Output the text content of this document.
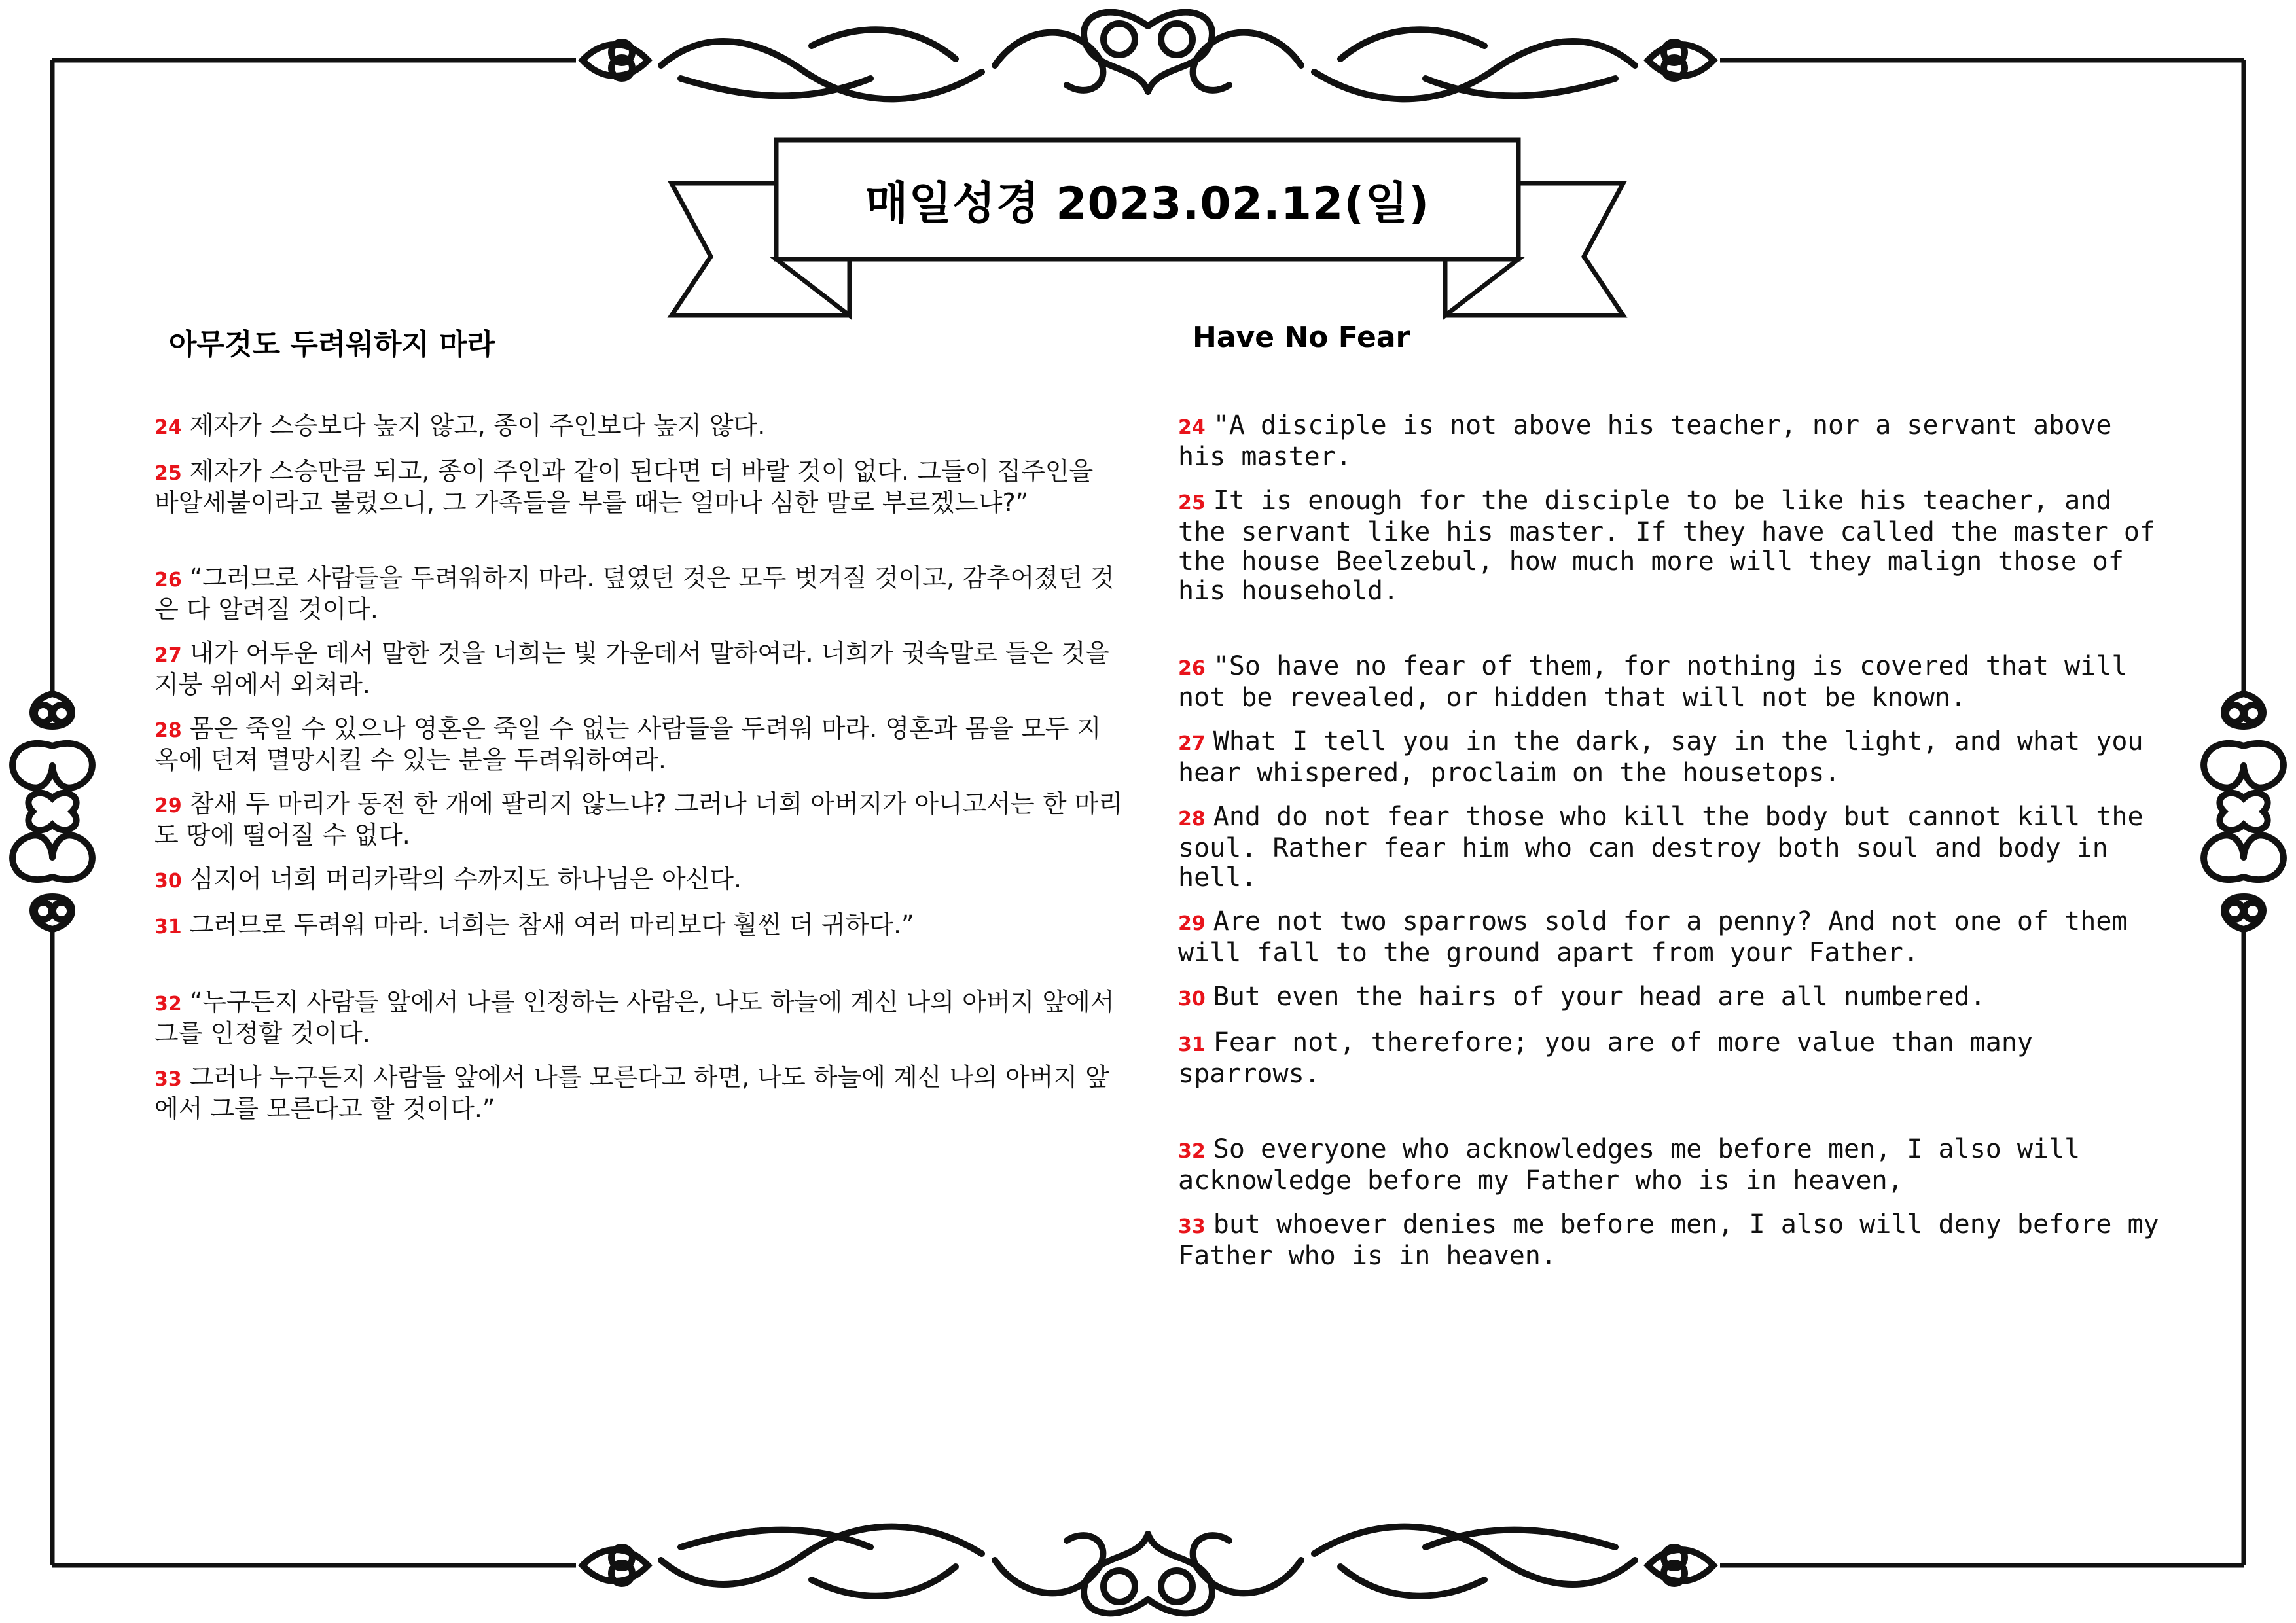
매일성경 2023.02.12(일)
아무것도 두려워하지 마라	Have No Fear

24 제자가 스승보다 높지 않고, 종이 주인보다 높지 않다.

25 제자가 스승만큼 되고, 종이 주인과 같이 된다면 더 바랄 것이 없다. 그들이 집주인을 바알세불이라고 불렀으니, 그 가족들을 부를 때는 얼마나 심한 말로 부르겠느냐?”

26 “그러므로 사람들을 두려워하지 마라. 덮였던 것은 모두 벗겨질 것이고, 감추어졌던 것은 다 알려질 것이다.

27 내가 어두운 데서 말한 것을 너희는 빛 가운데서 말하여라. 너희가 귓속말로 들은 것을 지붕 위에서 외쳐라.

28 몸은 죽일 수 있으나 영혼은 죽일 수 없는 사람들을 두려워 마라. 영혼과 몸을 모두 지옥에 던져 멸망시킬 수 있는 분을 두려워하여라.

29 참새 두 마리가 동전 한 개에 팔리지 않느냐? 그러나 너희 아버지가 아니고서는 한 마리도 땅에 떨어질 수 없다.

30 심지어 너희 머리카락의 수까지도 하나님은 아신다.

31 그러므로 두려워 마라. 너희는 참새 여러 마리보다 훨씬 더 귀하다.”

32 “누구든지 사람들 앞에서 나를 인정하는 사람은, 나도 하늘에 계신 나의 아버지 앞에서 그를 인정할 것이다.

33 그러나 누구든지 사람들 앞에서 나를 모른다고 하면, 나도 하늘에 계신 나의 아버지 앞에서 그를 모른다고 할 것이다.”

24 "A disciple is not above his teacher, nor a servant above his master.

25 It is enough for the disciple to be like his teacher, and the servant like his master. If they have called the master of the house Beelzebul, how much more will they malign those of his household.

26 "So have no fear of them, for nothing is covered that will not be revealed, or hidden that will not be known.

27 What I tell you in the dark, say in the light, and what you hear whispered, proclaim on the housetops.

28 And do not fear those who kill the body but cannot kill the soul. Rather fear him who can destroy both soul and body in hell.

29 Are not two sparrows sold for a penny? And not one of them will fall to the ground apart from your Father.

30 But even the hairs of your head are all numbered.

31 Fear not, therefore; you are of more value than many sparrows.

32 So everyone who acknowledges me before men, I also will acknowledge before my Father who is in heaven,

33 but whoever denies me before men, I also will deny before my Father who is in heaven.
